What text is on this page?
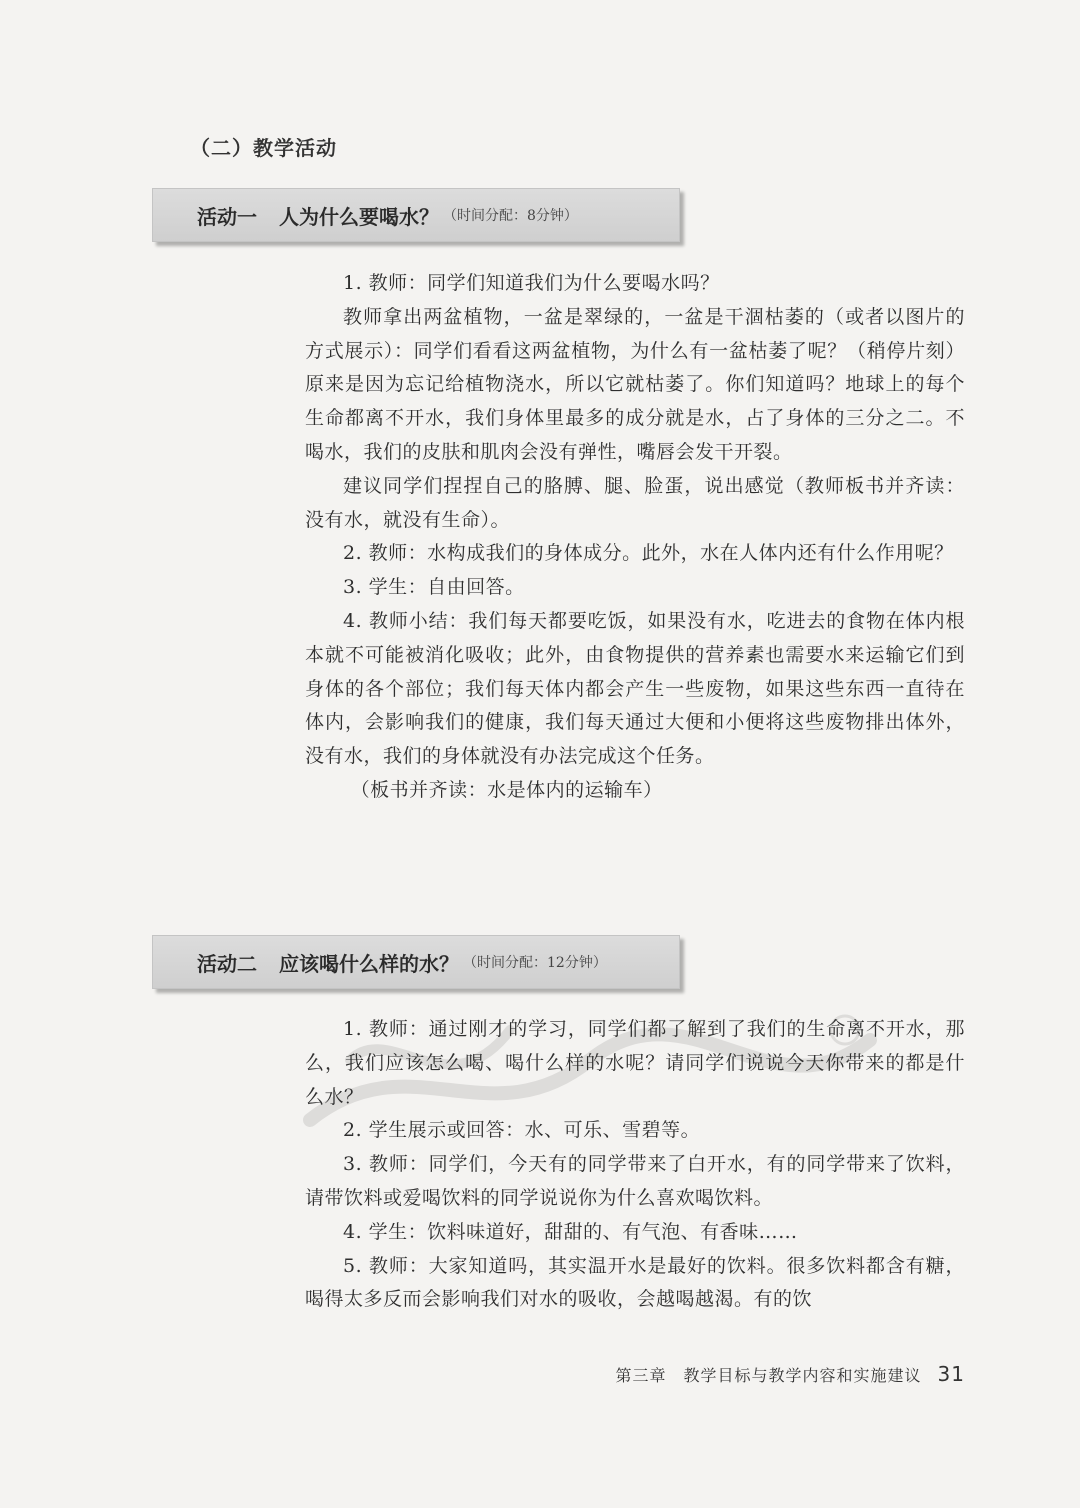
（二）教学活动
活动一 人为什么要喝水？ （时间分配：8分钟）

1. 教师：同学们知道我们为什么要喝水吗？

教师拿出两盆植物，一盆是翠绿的，一盆是干涸枯萎的（或者以图片的方式展示）：同学们看看这两盆植物，为什么有一盆枯萎了呢？（稍停片刻）原来是因为忘记给植物浇水，所以它就枯萎了。你们知道吗？地球上的每个生命都离不开水，我们身体里最多的成分就是水，占了身体的三分之二。不喝水，我们的皮肤和肌肉会没有弹性，嘴唇会发干开裂。

建议同学们捏捏自己的胳膊、腿、脸蛋，说出感觉（教师板书并齐读：没有水，就没有生命）。

2. 教师：水构成我们的身体成分。此外，水在人体内还有什么作用呢？

3. 学生：自由回答。

4. 教师小结：我们每天都要吃饭，如果没有水，吃进去的食物在体内根本就不可能被消化吸收；此外，由食物提供的营养素也需要水来运输它们到身体的各个部位；我们每天体内都会产生一些废物，如果这些东西一直待在体内，会影响我们的健康，我们每天通过大便和小便将这些废物排出体外，没有水，我们的身体就没有办法完成这个任务。

（板书并齐读：水是体内的运输车）

活动二 应该喝什么样的水？ （时间分配：12分钟）

1. 教师：通过刚才的学习，同学们都了解到了我们的生命离不开水，那么，我们应该怎么喝、喝什么样的水呢？请同学们说说今天你带来的都是什么水？

2. 学生展示或回答：水、可乐、雪碧等。

3. 教师：同学们，今天有的同学带来了白开水，有的同学带来了饮料，请带饮料或爱喝饮料的同学说说你为什么喜欢喝饮料。

4. 学生：饮料味道好，甜甜的、有气泡、有香味……

5. 教师：大家知道吗，其实温开水是最好的饮料。很多饮料都含有糖，喝得太多反而会影响我们对水的吸收，会越喝越渴。有的饮

第三章　教学目标与教学内容和实施建议 31
